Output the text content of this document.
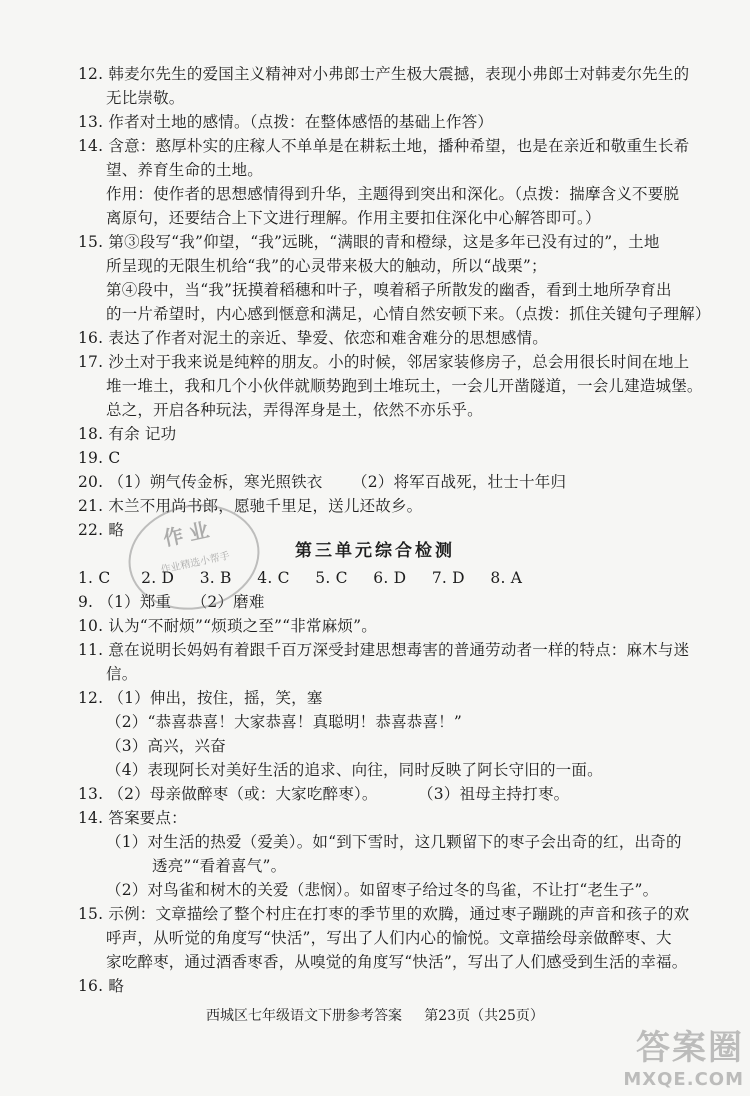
12. 韩麦尔先生的爱国主义精神对小弗郎士产生极大震撼，表现小弗郎士对韩麦尔先生的
无比崇敬。
13. 作者对土地的感情。（点拨：在整体感悟的基础上作答）
14. 含意：憨厚朴实的庄稼人不单单是在耕耘土地，播种希望，也是在亲近和敬重生长希
望、养育生命的土地。
作用：使作者的思想感情得到升华，主题得到突出和深化。（点拨：揣摩含义不要脱
离原句，还要结合上下文进行理解。作用主要扣住深化中心解答即可。）
15. 第③段写“我”仰望，“我”远眺，“满眼的青和橙绿，这是多年已没有过的”，土地
所呈现的无限生机给“我”的心灵带来极大的触动，所以“战栗”；
第④段中，当“我”抚摸着稻穗和叶子，嗅着稻子所散发的幽香，看到土地所孕育出
的一片希望时，内心感到惬意和满足，心情自然安顿下来。（点拨：抓住关键句子理解）
16. 表达了作者对泥土的亲近、挚爱、依恋和难舍难分的思想感情。
17. 沙土对于我来说是纯粹的朋友。小的时候，邻居家装修房子，总会用很长时间在地上
堆一堆土，我和几个小伙伴就顺势跑到土堆玩土，一会儿开凿隧道，一会儿建造城堡。
总之，开启各种玩法，弄得浑身是土，依然不亦乐乎。
18. 有余 记功
19. C
20. （1）朔气传金柝，寒光照铁衣 （2）将军百战死，壮士十年归
21. 木兰不用尚书郎，愿驰千里足，送儿还故乡。
22. 略
第三单元综合检测
1. C      2. D     3. B     4. C     5. C     6. D     7. D     8. A
9. （1）郑重    （2）磨难
10. 认为“不耐烦”“烦琐之至”“非常麻烦”。
11. 意在说明长妈妈有着跟千百万深受封建思想毒害的普通劳动者一样的特点：麻木与迷
信。
12. （1）伸出，按住，摇，笑，塞
（2）“恭喜恭喜！大家恭喜！真聪明！恭喜恭喜！”
（3）高兴，兴奋
（4）表现阿长对美好生活的追求、向往，同时反映了阿长守旧的一面。
13. （2）母亲做醉枣（或：大家吃醉枣）。	（3）祖母主持打枣。
14. 答案要点：
（1）对生活的热爱（爱美）。如“到下雪时，这几颗留下的枣子会出奇的红，出奇的
透亮”“看着喜气”。
（2）对鸟雀和树木的关爱（悲悯）。如留枣子给过冬的鸟雀，不让打“老生子”。
15. 示例：文章描绘了整个村庄在打枣的季节里的欢腾，通过枣子蹦跳的声音和孩子的欢
呼声，从听觉的角度写“快活”，写出了人们内心的愉悦。文章描绘母亲做醉枣、大
家吃醉枣，通过酒香枣香，从嗅觉的角度写“快活”，写出了人们感受到生活的幸福。
16. 略
西城区七年级语文下册参考答案     第23页（共25页）
作业
作业精选小帮手
答案圈
MXQE.COM
